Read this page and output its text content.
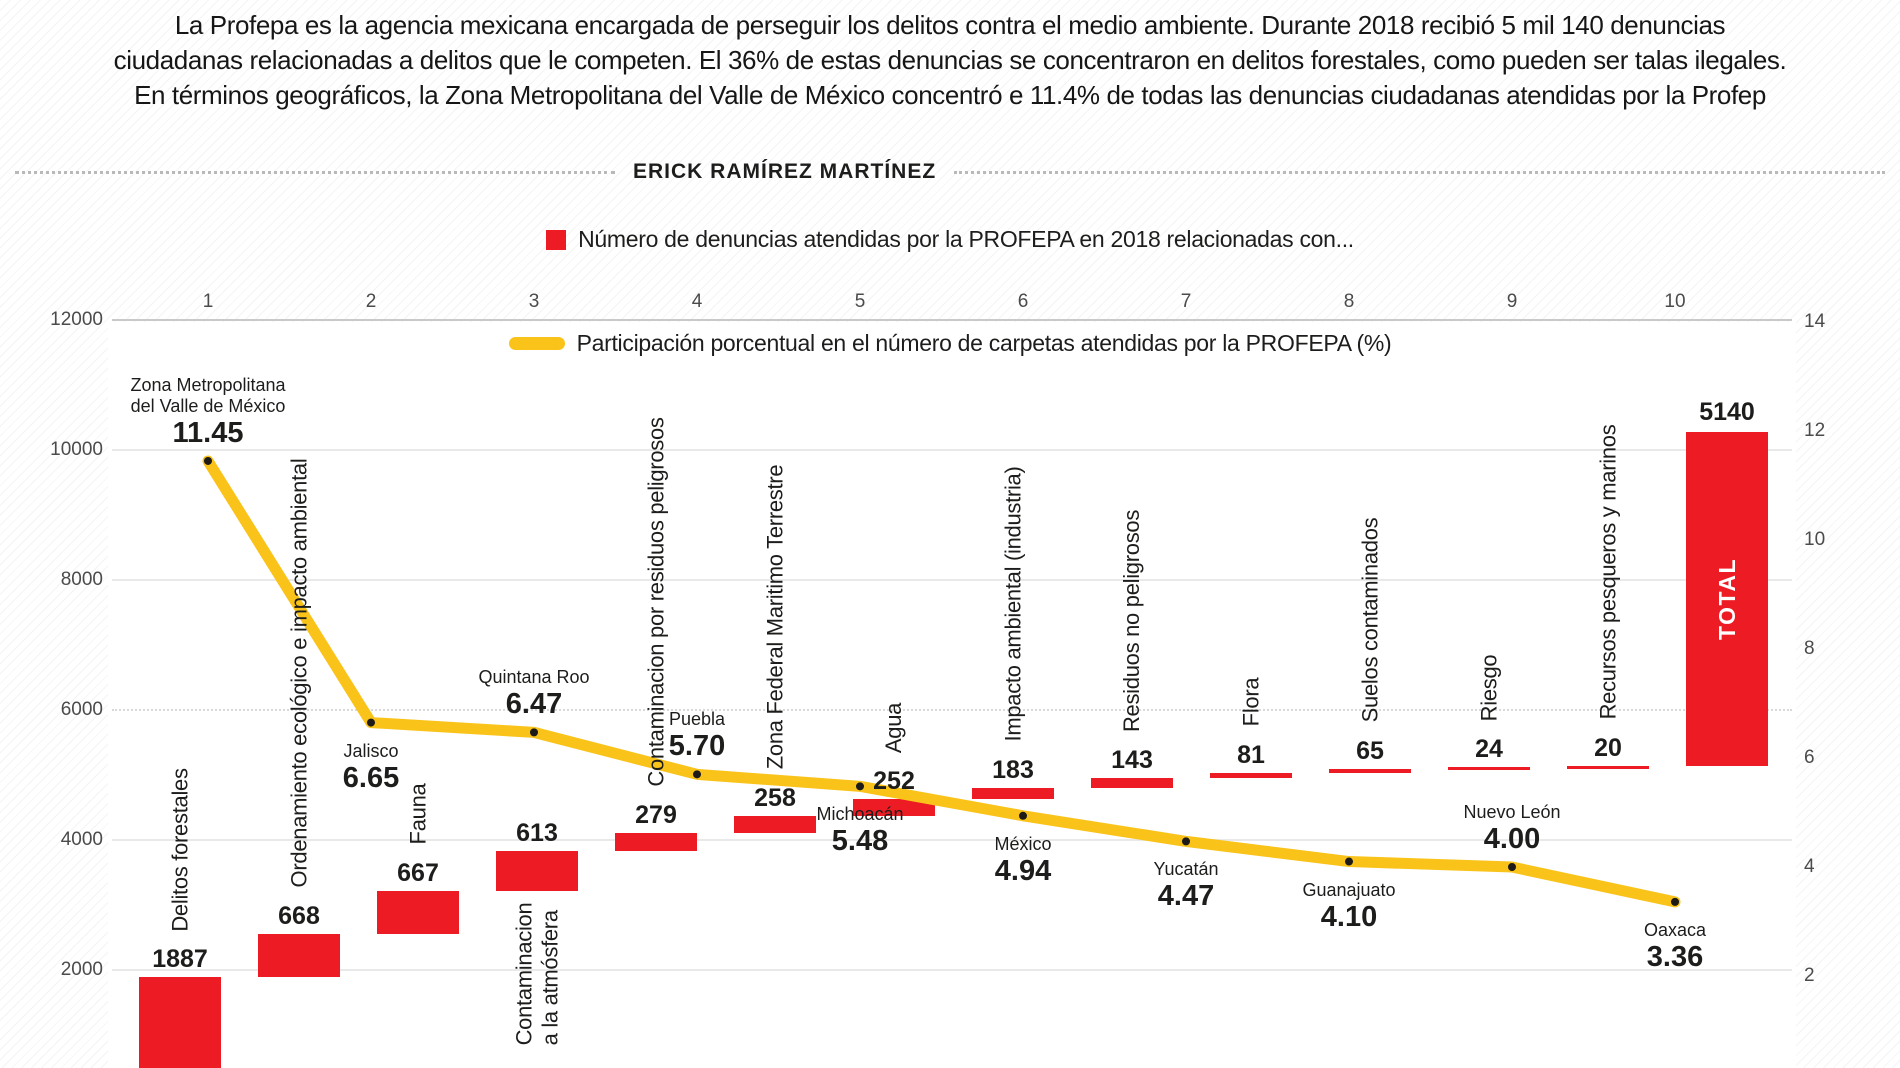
La Profepa es la agencia mexicana encargada de perseguir los delitos contra el medio ambiente. Durante 2018 recibió 5 mil 140 denuncias
ciudadanas relacionadas a delitos que le competen. El 36% de estas denuncias se concentraron en delitos forestales, como pueden ser talas ilegales.
En términos geográficos, la Zona Metropolitana del Valle de México concentró e 11.4% de todas las denuncias ciudadanas atendidas por la Profep
ERICK RAMÍREZ MARTÍNEZ
Número de denuncias atendidas por la PROFEPA en 2018 relacionadas con...
2000
4000
6000
8000
10000
12000
2
4
6
8
10
12
14
1	2	3	4	5	6	7	8	9	10
1887
Delitos forestales	668
Ordenamiento ecológico e impacto ambiental	667
Fauna	613
Contaminacion a la atmósfera
279
Contaminacion por residuos peligrosos
258
Zona Federal Maritimo Terrestre
252
Agua
183
Impacto ambiental (industria)
143
Residuos no peligrosos
81
Flora
65
Suelos contaminados
24
Riesgo
20
Recursos pesqueros y marinos
5140
TOTAL
Zona Metropolitana
del Valle de México
11.45
Jalisco
6.65
Quintana Roo
6.47	Puebla
5.70
Michoacán
5.48	México
4.94	Yucatán
4.47	Guanajuato
4.10
Nuevo León
4.00
Oaxaca
3.36
Participación porcentual en el número de carpetas atendidas por la PROFEPA (%)
